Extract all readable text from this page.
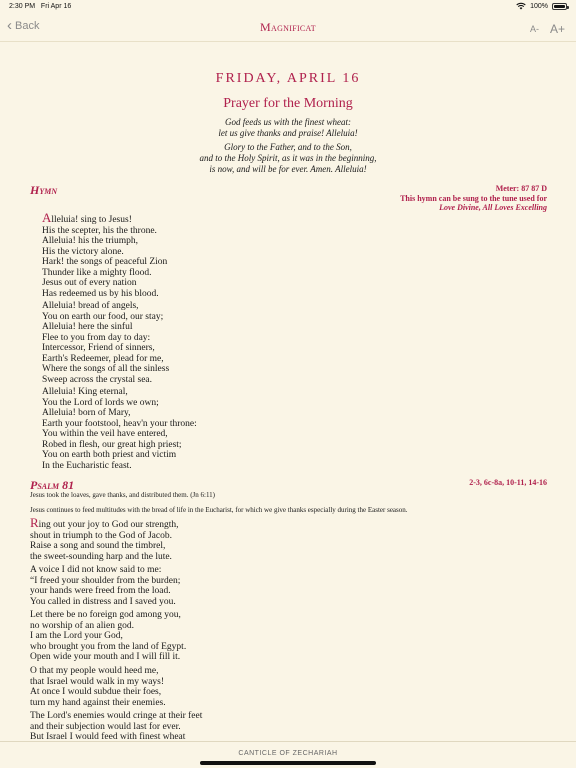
2:30 PM Fri Apr 16	100%
‹ Back	Magnificat	A- A+
FRIDAY, APRIL 16
Prayer for the Morning
God feeds us with the finest wheat:
let us give thanks and praise! Alleluia!
Glory to the Father, and to the Son,
and to the Holy Spirit, as it was in the beginning,
is now, and will be for ever. Amen. Alleluia!
Hymn	Meter: 87 87 D
This hymn can be sung to the tune used for
Love Divine, All Loves Excelling
Alleluia! sing to Jesus!
His the scepter, his the throne.
Alleluia! his the triumph,
His the victory alone.
Hark! the songs of peaceful Zion
Thunder like a mighty flood.
Jesus out of every nation
Has redeemed us by his blood.
Alleluia! bread of angels,
You on earth our food, our stay;
Alleluia! here the sinful
Flee to you from day to day:
Intercessor, Friend of sinners,
Earth's Redeemer, plead for me,
Where the songs of all the sinless
Sweep across the crystal sea.
Alleluia! King eternal,
You the Lord of lords we own;
Alleluia! born of Mary,
Earth your footstool, heav'n your throne:
You within the veil have entered,
Robed in flesh, our great high priest;
You on earth both priest and victim
In the Eucharistic feast.
Psalm 81	2-3, 6c-8a, 10-11, 14-16
Jesus took the loaves, gave thanks, and distributed them. (Jn 6:11)
Jesus continues to feed multitudes with the bread of life in the Eucharist, for which we give thanks especially during the Easter season.
Ring out your joy to God our strength,
shout in triumph to the God of Jacob.
Raise a song and sound the timbrel,
the sweet-sounding harp and the lute.
A voice I did not know said to me:
“I freed your shoulder from the burden;
your hands were freed from the load.
You called in distress and I saved you.
Let there be no foreign god among you,
no worship of an alien god.
I am the Lord your God,
who brought you from the land of Egypt.
Open wide your mouth and I will fill it.
O that my people would heed me,
that Israel would walk in my ways!
At once I would subdue their foes,
turn my hand against their enemies.
The Lord's enemies would cringe at their feet
and their subjection would last for ever.
But Israel I would feed with finest wheat
CANTICLE OF ZECHARIAH
